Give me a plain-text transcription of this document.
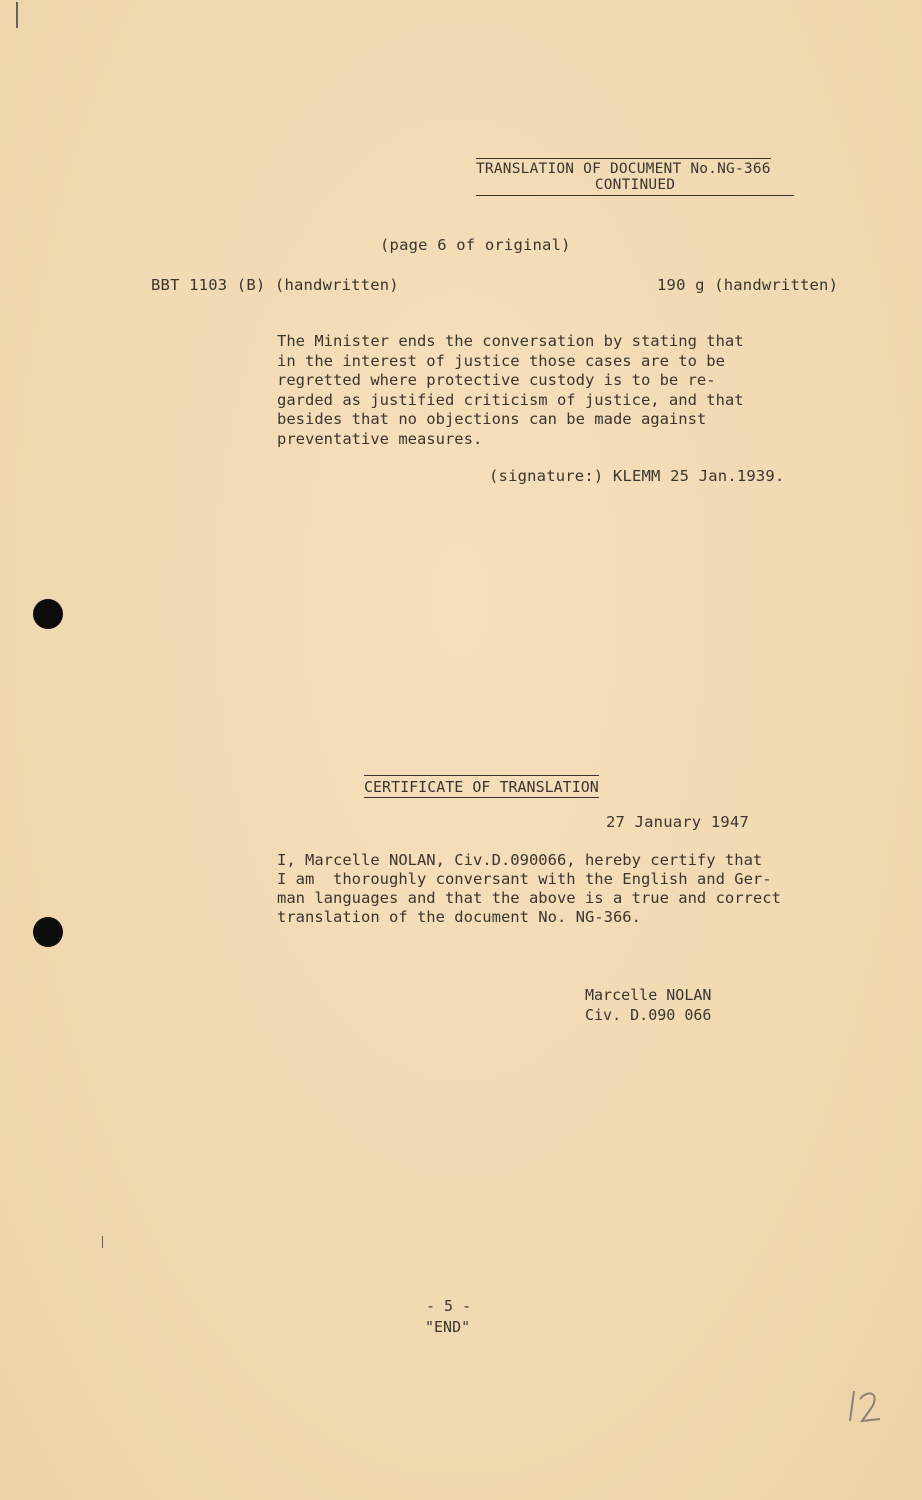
TRANSLATION OF DOCUMENT No.NG-366
CONTINUED
(page 6 of original)
BBT 1103 (B) (handwritten)	190 g (handwritten)
The Minister ends the conversation by stating that
in the interest of justice those cases are to be
regretted where protective custody is to be re-
garded as justified criticism of justice, and that
besides that no objections can be made against
preventative measures.
(signature:) KLEMM 25 Jan.1939.
CERTIFICATE OF TRANSLATION
27 January 1947
I, Marcelle NOLAN, Civ.D.090066, hereby certify that
I am  thoroughly conversant with the English and Ger-
man languages and that the above is a true and correct
translation of the document No. NG-366.
Marcelle NOLAN
Civ. D.090 066
- 5 -
"END"
